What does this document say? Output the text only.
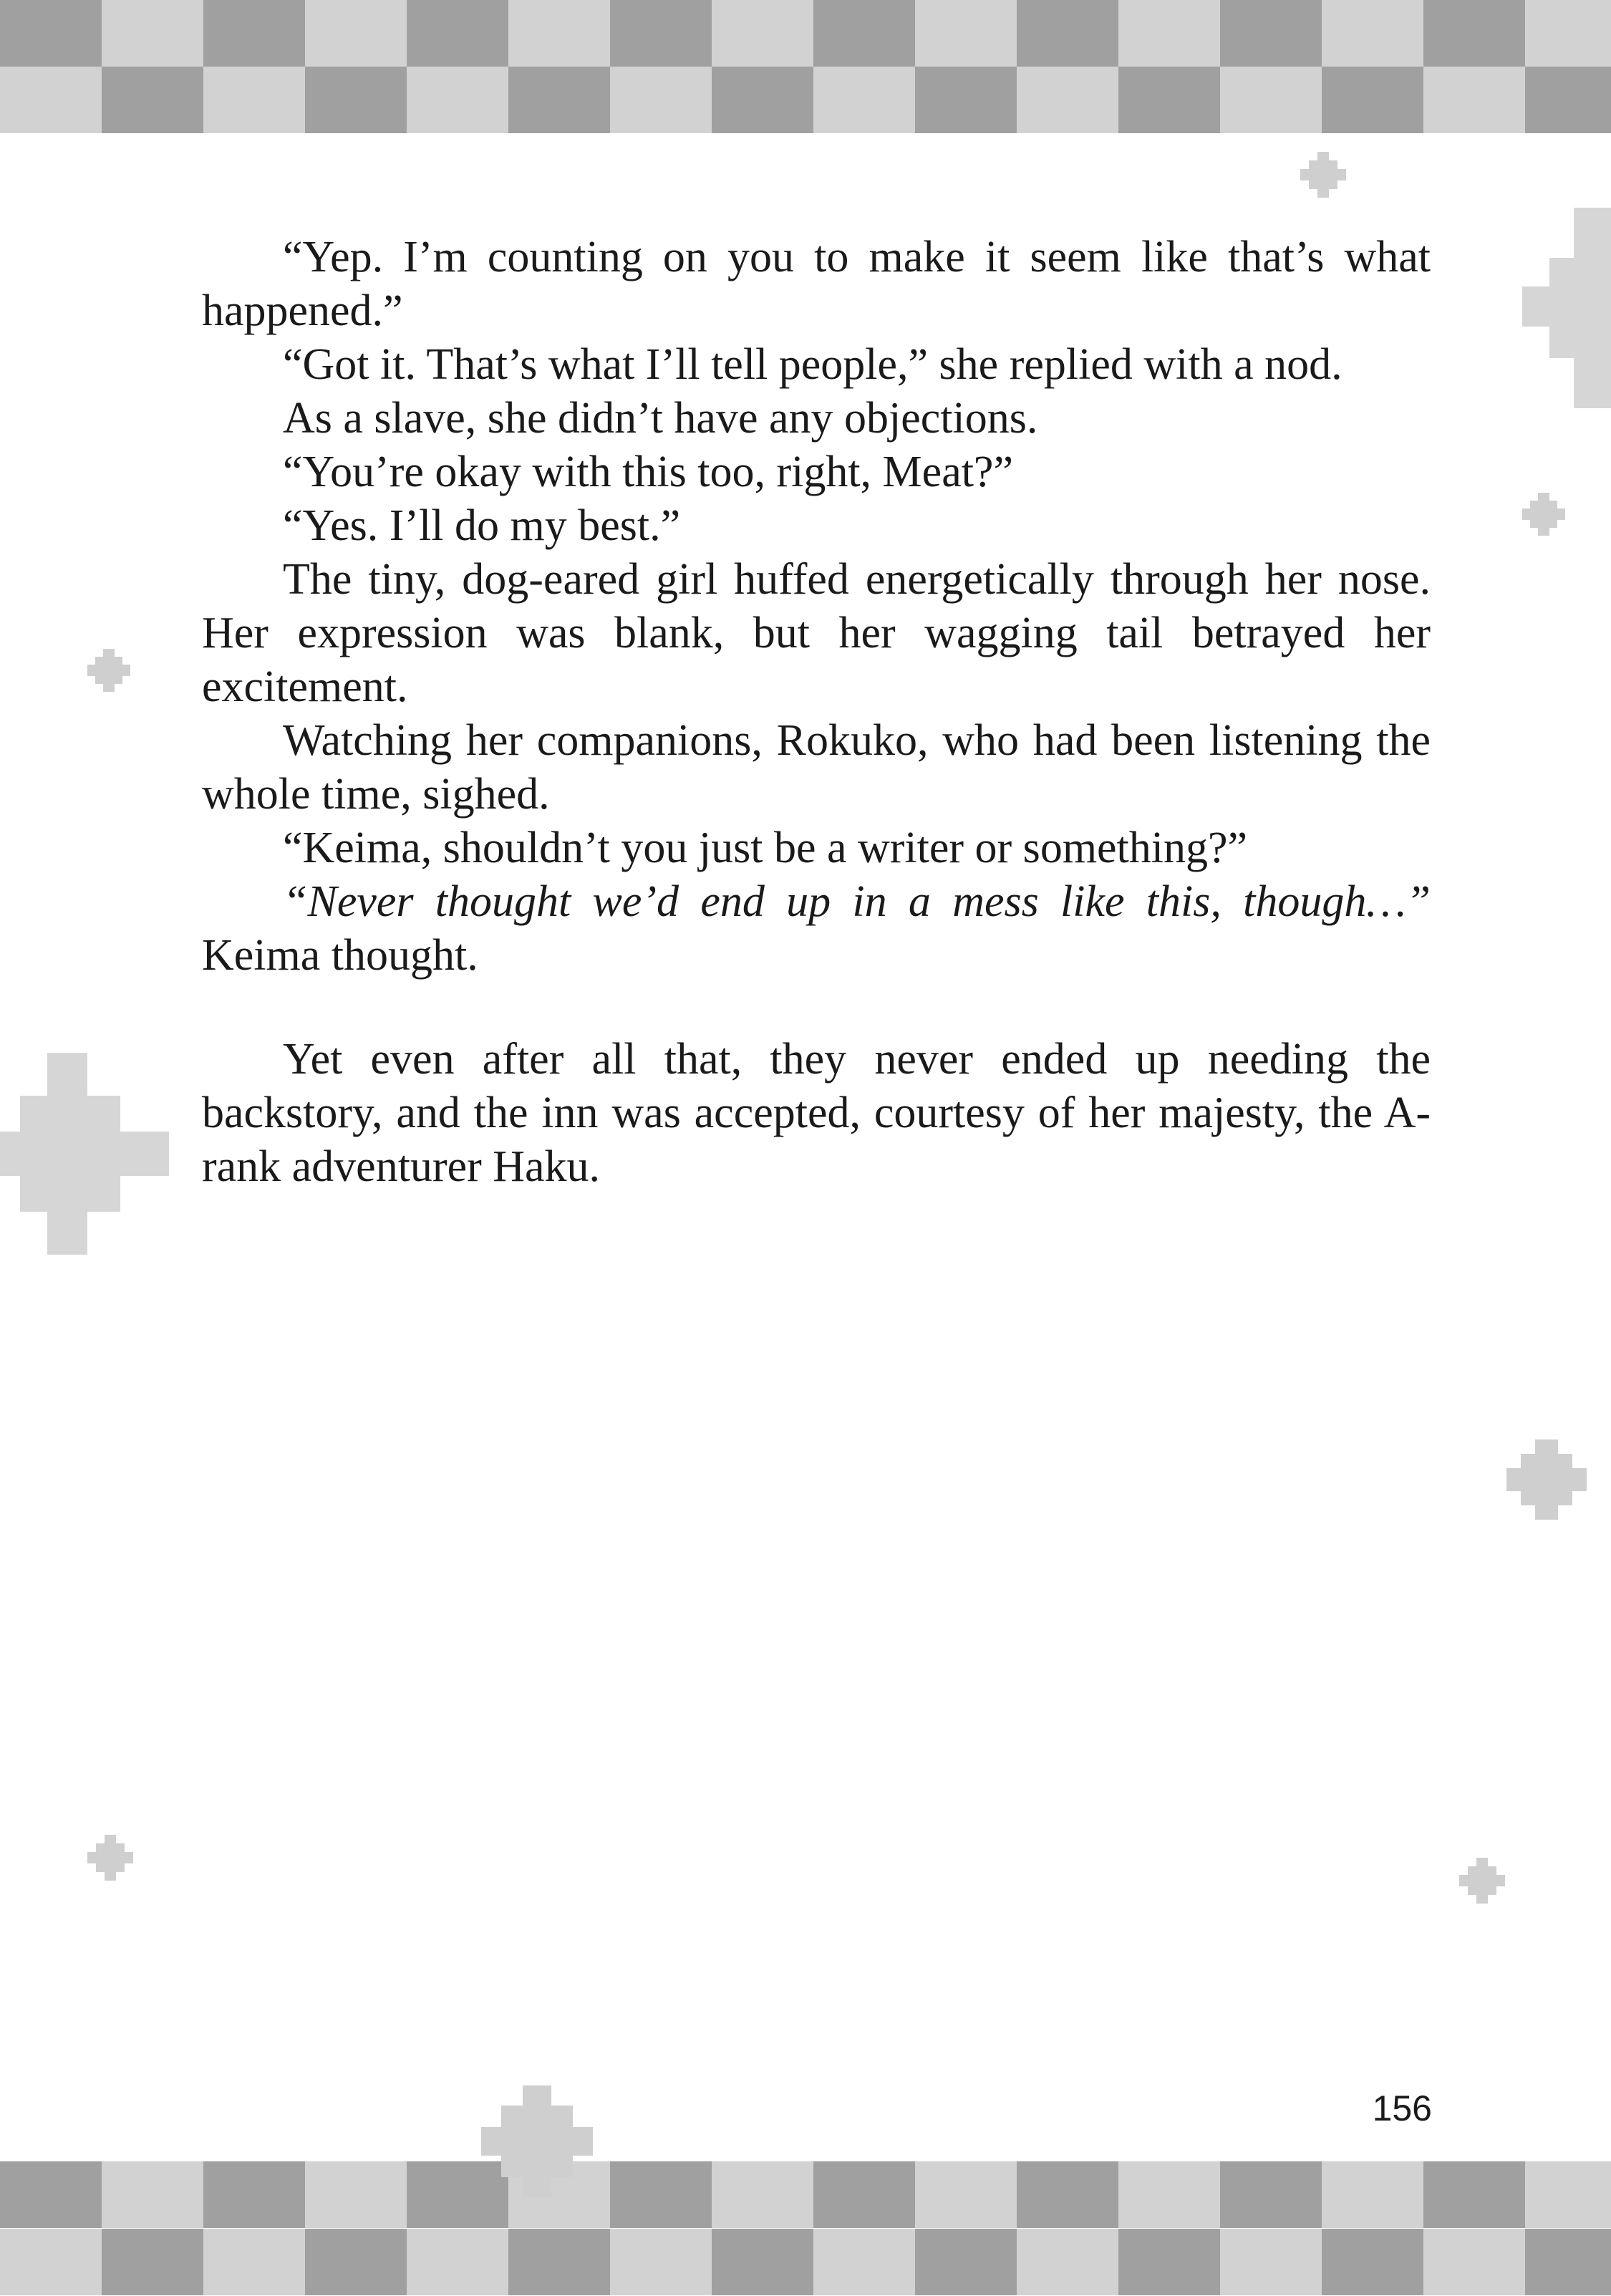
“Yep. I’m counting on you to make it seem like that’s what happened.”

“Got it. That’s what I’ll tell people,” she replied with a nod.

As a slave, she didn’t have any objections.

“You’re okay with this too, right, Meat?”

“Yes. I’ll do my best.”

The tiny, dog-eared girl huffed energetically through her nose. Her expression was blank, but her wagging tail betrayed her excitement.

Watching her companions, Rokuko, who had been listening the whole time, sighed.

“Keima, shouldn’t you just be a writer or something?”

“Never thought we’d end up in a mess like this, though…” Keima thought.

Yet even after all that, they never ended up needing the backstory, and the inn was accepted, courtesy of her majesty, the A-rank adventurer Haku.

156
